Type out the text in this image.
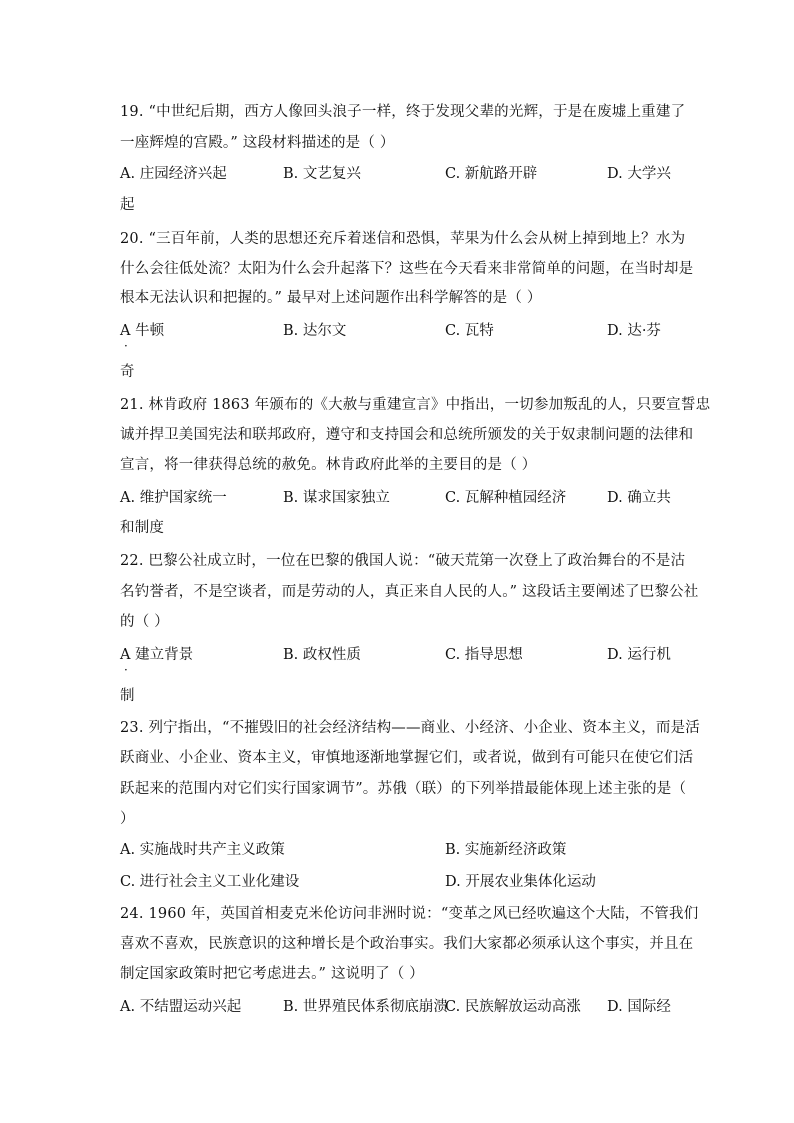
19. “中世纪后期，西方人像回头浪子一样，终于发现父辈的光辉，于是在废墟上重建了
一座辉煌的宫殿。” 这段材料描述的是（ ）
A. 庄园经济兴起	B. 文艺复兴	C. 新航路开辟	D. 大学兴
起
20. “三百年前，人类的思想还充斥着迷信和恐惧，苹果为什么会从树上掉到地上？水为
什么会往低处流？太阳为什么会升起落下？这些在今天看来非常简单的问题，在当时却是
根本无法认识和把握的。” 最早对上述问题作出科学解答的是（ ）
A 牛顿
·
B. 达尔文	C. 瓦特	D. 达·芬
奇
21. 林肯政府 1863 年颁布的《大赦与重建宣言》中指出，一切参加叛乱的人，只要宣誓忠
诚并捍卫美国宪法和联邦政府，遵守和支持国会和总统所颁发的关于奴隶制问题的法律和
宣言，将一律获得总统的赦免。林肯政府此举的主要目的是（ ）
A. 维护国家统一	B. 谋求国家独立	C. 瓦解种植园经济	D. 确立共
和制度
22. 巴黎公社成立时，一位在巴黎的俄国人说：“破天荒第一次登上了政治舞台的不是沽
名钓誉者，不是空谈者，而是劳动的人，真正来自人民的人。” 这段话主要阐述了巴黎公社
的（ ）
A 建立背景
·
B. 政权性质	C. 指导思想	D. 运行机
制
23. 列宁指出，“不摧毁旧的社会经济结构——商业、小经济、小企业、资本主义，而是活
跃商业、小企业、资本主义，审慎地逐渐地掌握它们，或者说，做到有可能只在使它们活
跃起来的范围内对它们实行国家调节”。苏俄（联）的下列举措最能体现上述主张的是（
）
A. 实施战时共产主义政策	B. 实施新经济政策
C. 进行社会主义工业化建设	D. 开展农业集体化运动
24. 1960 年，英国首相麦克米伦访问非洲时说：“变革之风已经吹遍这个大陆，不管我们
喜欢不喜欢，民族意识的这种增长是个政治事实。我们大家都必须承认这个事实，并且在
制定国家政策时把它考虑进去。” 这说明了（ ）
A. 不结盟运动兴起	B. 世界殖民体系彻底崩溃
C. 民族解放运动高涨 D. 国际经
